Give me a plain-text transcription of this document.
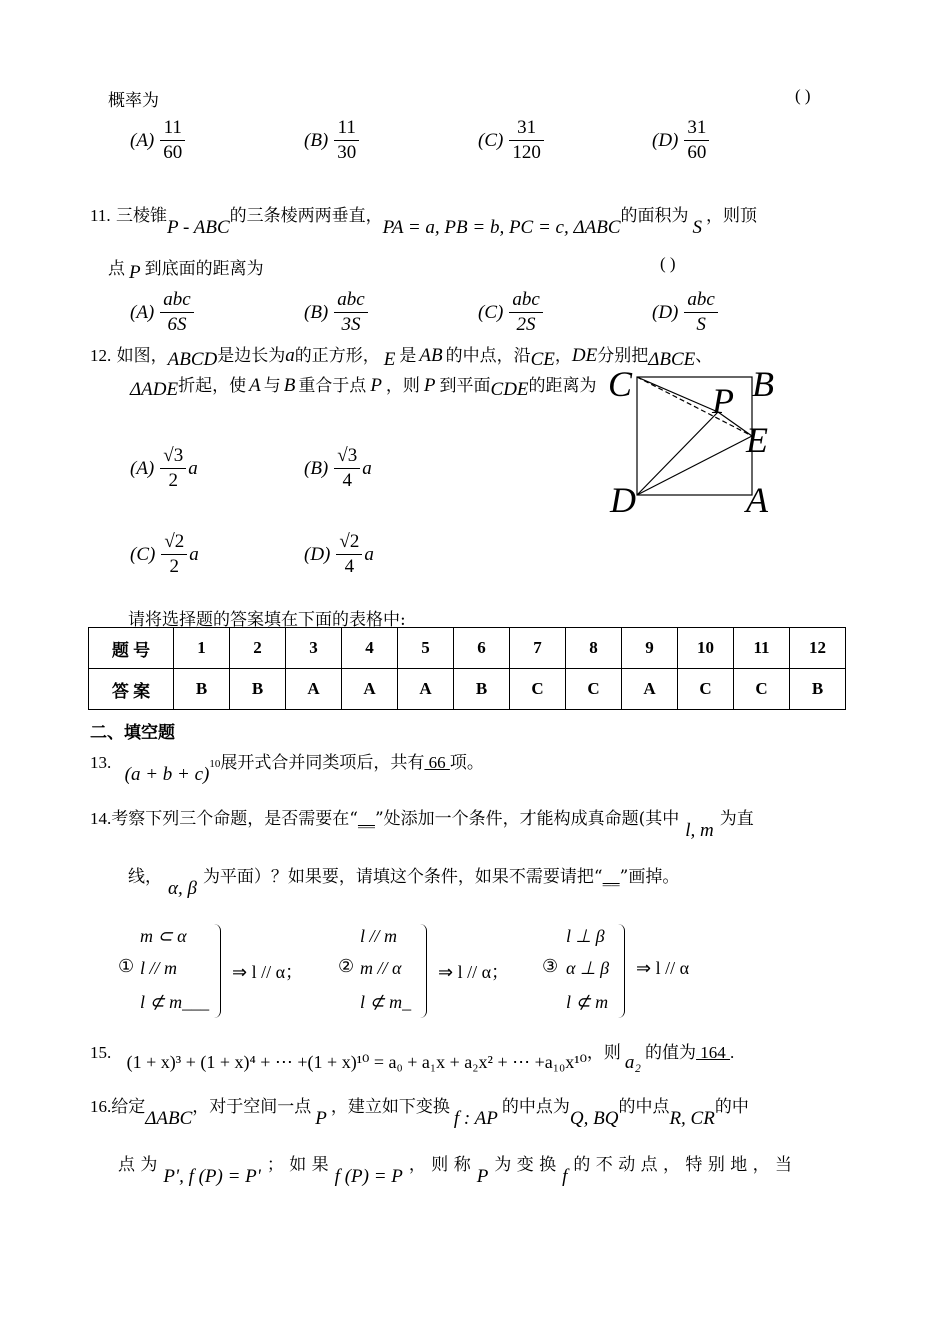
概率为	( )
$(A) \frac{11}{60}$	$(B) \frac{11}{30}$	$(C) \frac{31}{120}$	$(D) \frac{31}{60}$
11. 三棱锥P - ABC的三条棱两两垂直，PA = a, PB = b, PC = c, ΔABC的面积为S，则顶
点 P 到底面的距离为	( )
$(A) \frac{\text{abc}}{6S}$	$(B) \frac{\text{abc}}{3S}$	$(C) \frac{\text{abc}}{2S}$	$(D) \frac{\text{abc}}{S}$
12. 如图，ABCD是边长为a的正方形， E 是 AB 的中点，沿CE，DE分别把ΔBCE、
ΔADE折起，使 A 与 B 重合于点 P ，则 P 到平面CDE的距离为 C	B
P
E
D	A
$(A) \frac{√3}{2}$ a	$(B) \frac{√3}{4}$ a
$(C) \frac{√2}{2}$ a	$(D) \frac{√2}{4}$ a
请将选择题的答案填在下面的表格中:
题 号	1	2	3	4	5	6	7	8	9	10	11	12
答 案	B	B	A	A	A	B	C	C	A	C	C	B
二、填空题
13. $(a + b + c)^{10}$展开式合并同类项后，共有 66 项。
14.考察下列三个命题，是否需要在“__”处添加一个条件，才能构成真命题(其中l, m为直
线，α, β为平面）？如果要，请填这个条件，如果不需要请把“__”画掉。
①
m ⊂ α
l // m
l ⊄ m___
⇒ l // α； ②
l // m
m // α
l ⊄ m_
⇒ l // α； ③
l ⊥ β
α ⊥ β
l ⊄ m
⇒ l // α
15. (1 + x)³ + (1 + x)⁴ + ⋯ +(1 + x)¹⁰ = a₀ + a₁x + a₂x² + ⋯ +a₁₀x¹⁰，则 a₂ 的值为 164 .
16.给定ΔABC，对于空间一点P，建立如下变换f : AP的中点为Q, BQ的中点R, CR的中
点 为P', f (P) = P'； 如 果f (P) = P， 则 称P为 变 换f的 不 动 点 ， 特 别 地 ， 当
